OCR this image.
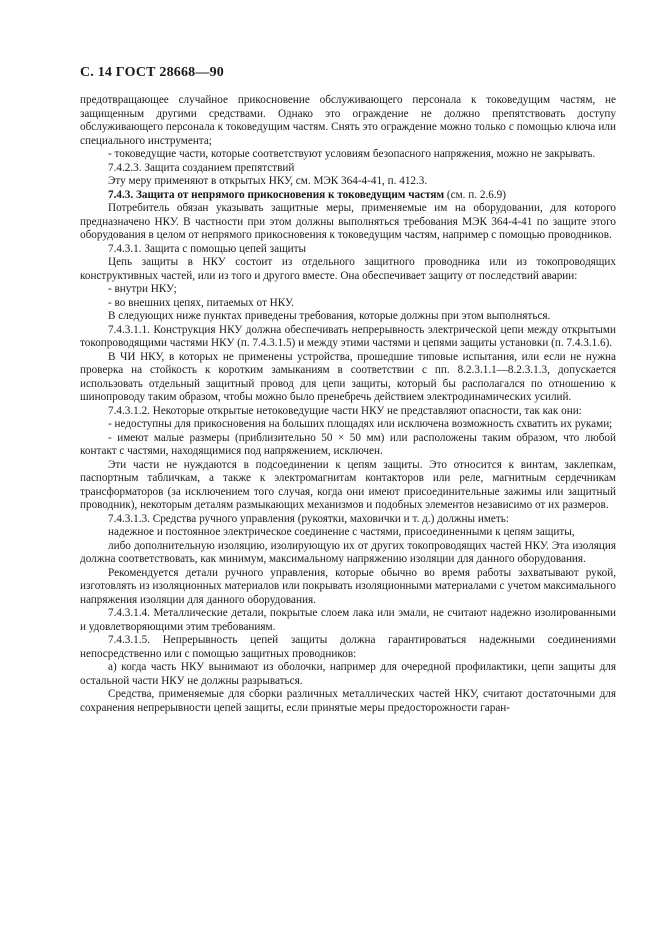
С. 14 ГОСТ 28668—90

предотвращающее случайное прикосновение обслуживающего персонала к токоведущим частям, не защищенным другими средствами. Однако это ограждение не должно препятствовать доступу обслуживающего персонала к токоведущим частям. Снять это ограждение можно только с помощью ключа или специального инструмента;

- токоведущие части, которые соответствуют условиям безопасного напряжения, можно не закрывать.

7.4.2.3. Защита созданием препятствий

Эту меру применяют в открытых НКУ, см. МЭК 364-4-41, п. 412.3.

7.4.3. Защита от непрямого прикосновения к токоведущим частям (см. п. 2.6.9)

Потребитель обязан указывать защитные меры, применяемые им на оборудовании, для которого предназначено НКУ. В частности при этом должны выполняться требования МЭК 364-4-41 по защите этого оборудования в целом от непрямого прикосновения к токоведущим частям, например с помощью проводников.

7.4.3.1. Защита с помощью цепей защиты

Цепь защиты в НКУ состоит из отдельного защитного проводника или из токопроводящих конструктивных частей, или из того и другого вместе. Она обеспечивает защиту от последствий аварии:

- внутри НКУ;

- во внешних цепях, питаемых от НКУ.

В следующих ниже пунктах приведены требования, которые должны при этом выполняться.

7.4.3.1.1. Конструкция НКУ должна обеспечивать непрерывность электрической цепи между открытыми токопроводящими частями НКУ (п. 7.4.3.1.5) и между этими частями и цепями защиты установки (п. 7.4.3.1.6).

В ЧИ НКУ, в которых не применены устройства, прошедшие типовые испытания, или если не нужна проверка на стойкость к коротким замыканиям в соответствии с пп. 8.2.3.1.1—8.2.3.1.3, допускается использовать отдельный защитный провод для цепи защиты, который бы располагался по отношению к шинопроводу таким образом, чтобы можно было пренебречь действием электродинамических усилий.

7.4.3.1.2. Некоторые открытые нетоковедущие части НКУ не представляют опасности, так как они:

- недоступны для прикосновения на больших площадях или исключена возможность схватить их руками;

- имеют малые размеры (приблизительно 50 × 50 мм) или расположены таким образом, что любой контакт с частями, находящимися под напряжением, исключен.

Эти части не нуждаются в подсоединении к цепям защиты. Это относится к винтам, заклепкам, паспортным табличкам, а также к электромагнитам контакторов или реле, магнитным сердечникам трансформаторов (за исключением того случая, когда они имеют присоединительные зажимы или защитный проводник), некоторым деталям размыкающих механизмов и подобных элементов независимо от их размеров.

7.4.3.1.3. Средства ручного управления (рукоятки, маховички и т. д.) должны иметь:

надежное и постоянное электрическое соединение с частями, присоединенными к цепям защиты,

либо дополнительную изоляцию, изолирующую их от других токопроводящих частей НКУ. Эта изоляция должна соответствовать, как минимум, максимальному напряжению изоляции для данного оборудования.

Рекомендуется детали ручного управления, которые обычно во время работы захватывают рукой, изготовлять из изоляционных материалов или покрывать изоляционными материалами с учетом максимального напряжения изоляции для данного оборудования.

7.4.3.1.4. Металлические детали, покрытые слоем лака или эмали, не считают надежно изолированными и удовлетворяющими этим требованиям.

7.4.3.1.5. Непрерывность цепей защиты должна гарантироваться надежными соединениями непосредственно или с помощью защитных проводников:

а) когда часть НКУ вынимают из оболочки, например для очередной профилактики, цепи защиты для остальной части НКУ не должны разрываться.

Средства, применяемые для сборки различных металлических частей НКУ, считают достаточными для сохранения непрерывности цепей защиты, если принятые меры предосторожности гаран-
